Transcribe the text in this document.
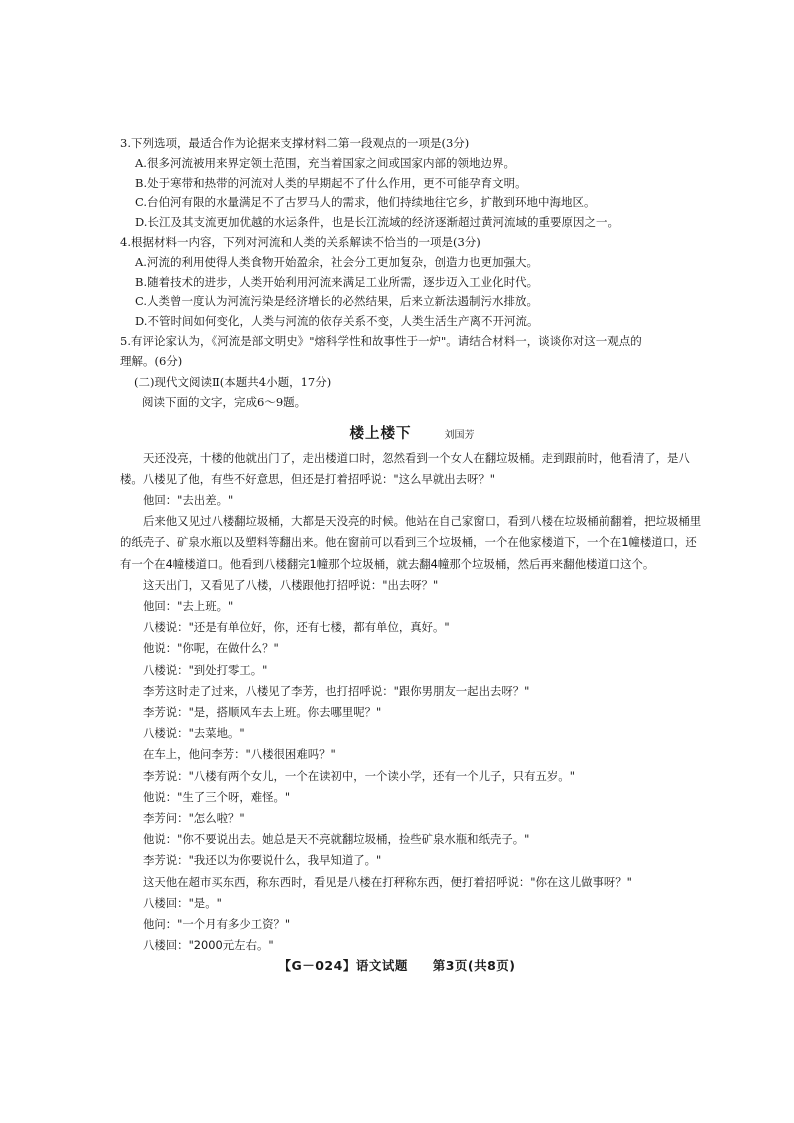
3.下列选项，最适合作为论据来支撑材料二第一段观点的一项是(3分)

A.很多河流被用来界定领土范围，充当着国家之间或国家内部的领地边界。

B.处于寒带和热带的河流对人类的早期起不了什么作用，更不可能孕育文明。

C.台伯河有限的水量满足不了古罗马人的需求，他们持续地往它乡，扩散到环地中海地区。

D.长江及其支流更加优越的水运条件，也是长江流域的经济逐渐超过黄河流域的重要原因之一。

4.根据材料一内容，下列对河流和人类的关系解读不恰当的一项是(3分)

A.河流的利用使得人类食物开始盈余，社会分工更加复杂，创造力也更加强大。

B.随着技术的进步，人类开始利用河流来满足工业所需，逐步迈入工业化时代。

C.人类曾一度认为河流污染是经济增长的必然结果，后来立新法遏制污水排放。

D.不管时间如何变化，人类与河流的依存关系不变，人类生活生产离不开河流。

5.有评论家认为，《河流是部文明史》"熔科学性和故事性于一炉"。请结合材料一，谈谈你对这一观点的

理解。(6分)

(二)现代文阅读Ⅱ(本题共4小题，17分)

阅读下面的文字，完成6～9题。

楼上楼下	刘国芳

天还没亮，十楼的他就出门了，走出楼道口时，忽然看到一个女人在翻垃圾桶。走到跟前时，他看清了，是八楼。八楼见了他，有些不好意思，但还是打着招呼说："这么早就出去呀？"

他回："去出差。"

后来他又见过八楼翻垃圾桶，大都是天没亮的时候。他站在自己家窗口，看到八楼在垃圾桶前翻着，把垃圾桶里的纸壳子、矿泉水瓶以及塑料等翻出来。他在窗前可以看到三个垃圾桶，一个在他家楼道下，一个在1幢楼道口，还有一个在4幢楼道口。他看到八楼翻完1幢那个垃圾桶，就去翻4幢那个垃圾桶，然后再来翻他楼道口这个。

这天出门，又看见了八楼，八楼跟他打招呼说："出去呀？"

他回："去上班。"

八楼说："还是有单位好，你，还有七楼，都有单位，真好。"

他说："你呢，在做什么？"

八楼说："到处打零工。"

李芳这时走了过来，八楼见了李芳，也打招呼说："跟你男朋友一起出去呀？"

李芳说："是，搭顺风车去上班。你去哪里呢？"

八楼说："去菜地。"

在车上，他问李芳："八楼很困难吗？"

李芳说："八楼有两个女儿，一个在读初中，一个读小学，还有一个儿子，只有五岁。"

他说："生了三个呀，难怪。"

李芳问："怎么啦？"

他说："你不要说出去。她总是天不亮就翻垃圾桶，捡些矿泉水瓶和纸壳子。"

李芳说："我还以为你要说什么，我早知道了。"

这天他在超市买东西，称东西时，看见是八楼在打秤称东西，便打着招呼说："你在这儿做事呀？"

八楼回："是。"

他问："一个月有多少工资？"

八楼回："2000元左右。"

【G－024】语文试题 第3页(共8页)
